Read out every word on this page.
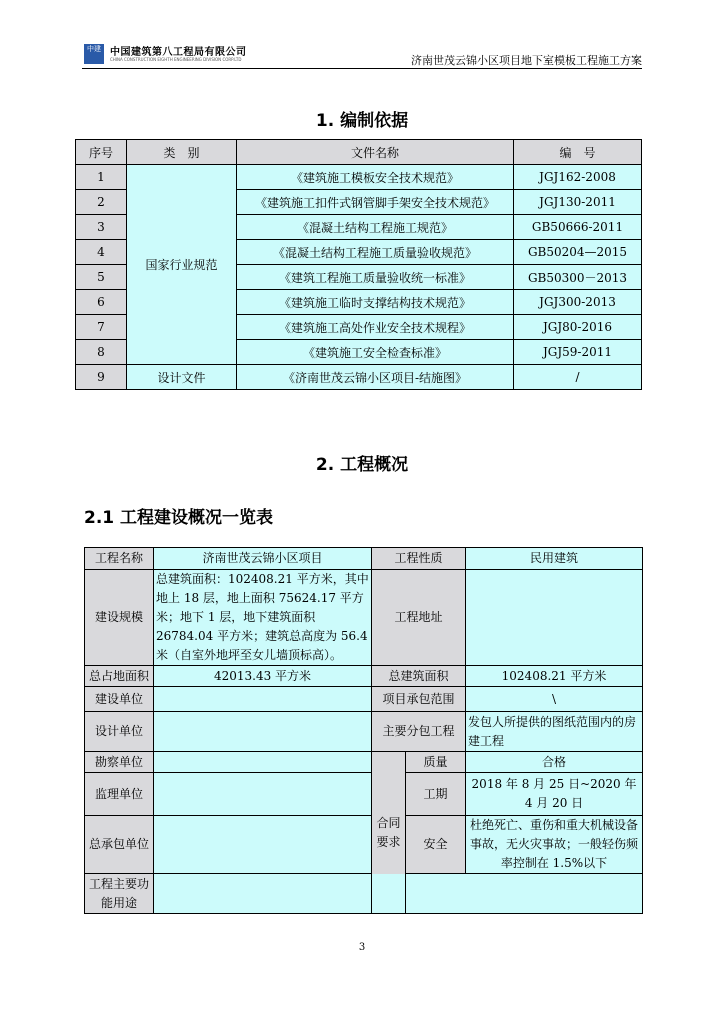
中建 中国建筑第八工程局有限公司
CHINA CONSTRUCTION EIGHTH ENGINEERING DIVISION CORP.LTD	济南世茂云锦小区项目地下室模板工程施工方案
1. 编制依据
序号	类　别	文件名称	编　号
1	国家行业规范	《建筑施工模板安全技术规范》	JGJ162-2008
2		《建筑施工扣件式钢管脚手架安全技术规范》	JGJ130-2011
3		《混凝土结构工程施工规范》	GB50666-2011
4		《混凝土结构工程施工质量验收规范》	GB50204—2015
5		《建筑工程施工质量验收统一标准》	GB50300－2013
6		《建筑施工临时支撑结构技术规范》	JGJ300-2013
7		《建筑施工高处作业安全技术规程》	JGJ80-2016
8		《建筑施工安全检查标准》	JGJ59-2011
9	设计文件	《济南世茂云锦小区项目-结施图》	/
2. 工程概况
2.1 工程建设概况一览表
工程名称	济南世茂云锦小区项目	工程性质		民用建筑
建设规模	总建筑面积：102408.21 平方米，其中地上 18 层，地上面积 75624.17 平方米；地下 1 层，地下建筑面积 26784.04 平方米；建筑总高度为 56.4 米（自室外地坪至女儿墙顶标高）。	工程地址		
总占地面积	42013.43 平方米	总建筑面积		102408.21 平方米
建设单位		项目承包范围		\
设计单位		主要分包工程		发包人所提供的图纸范围内的房建工程
勘察单位		合同要求	质量	合格
监理单位			工期	2018 年 8 月 25 日~2020 年 4 月 20 日
总承包单位			安全	杜绝死亡、重伤和重大机械设备事故，无火灾事故；一般轻伤频率控制在 1.5%以下
工程主要功能用途				
3
